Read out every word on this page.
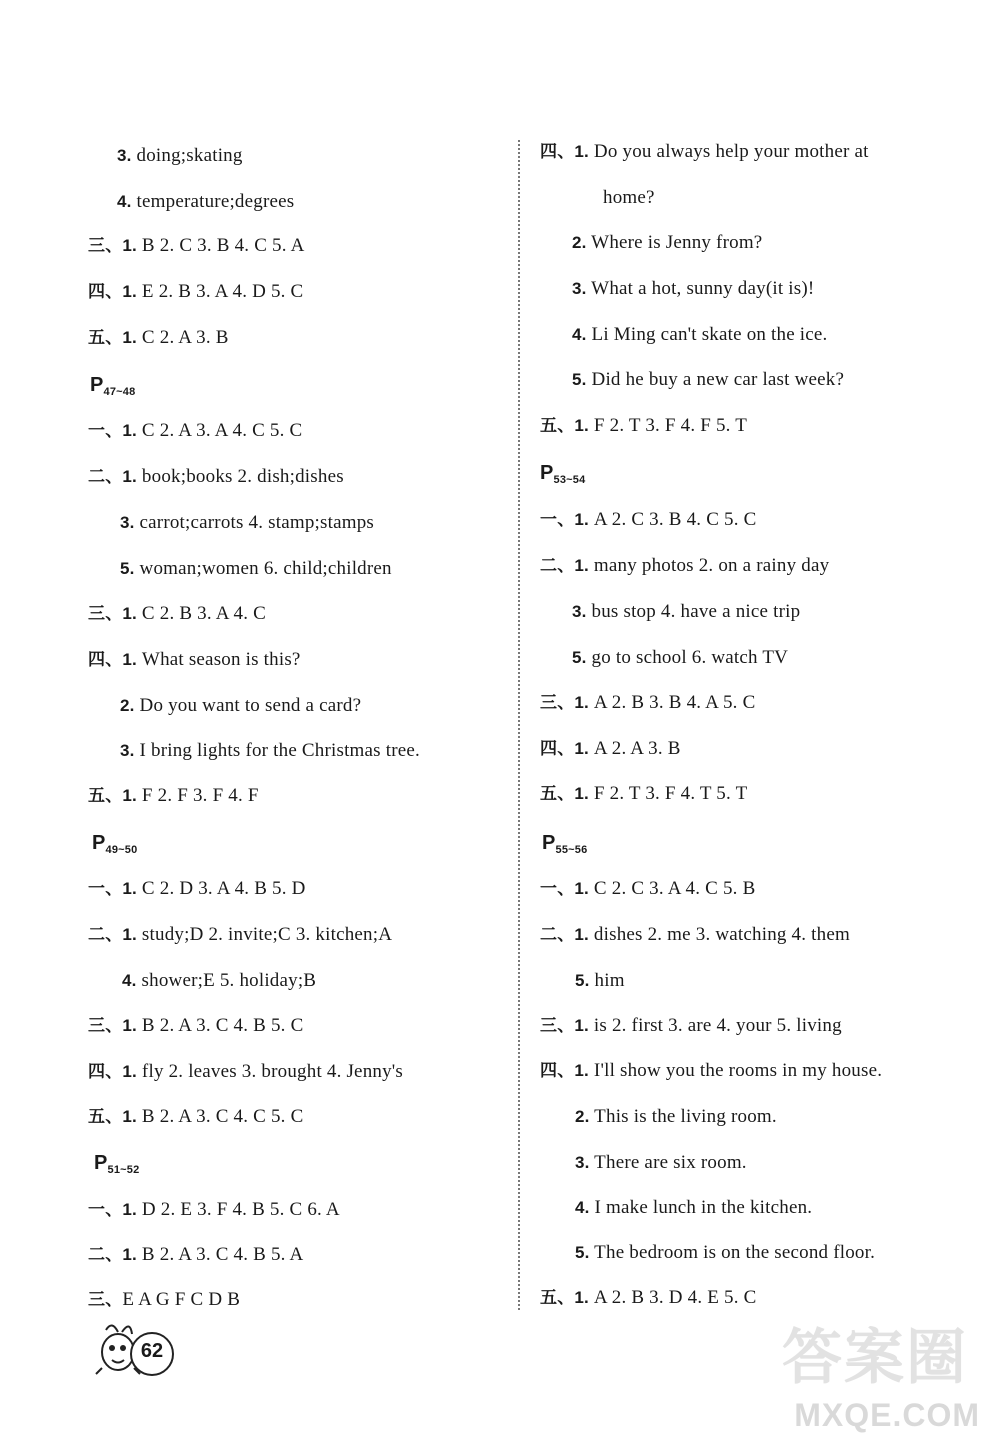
3. doing;skating
4. temperature;degrees
三、1. B 2. C 3. B 4. C 5. A
四、1. E 2. B 3. A 4. D 5. C
五、1. C 2. A 3. B
$P_{47\sim 48}$
一、1. C 2. A 3. A 4. C 5. C
二、1. book;books 2. dish;dishes
3. carrot;carrots 4. stamp;stamps
5. woman;women 6. child;children
三、1. C 2. B 3. A 4. C
四、1. What season is this?
2. Do you want to send a card?
3. I bring lights for the Christmas tree.
五、1. F 2. F 3. F 4. F
$P_{49\sim 50}$
一、1. C 2. D 3. A 4. B 5. D
二、1. study;D 2. invite;C 3. kitchen;A
4. shower;E 5. holiday;B
三、1. B 2. A 3. C 4. B 5. C
四、1. fly 2. leaves 3. brought 4. Jenny's
五、1. B 2. A 3. C 4. C 5. C
$P_{51\sim 52}$
一、1. D 2. E 3. F 4. B 5. C 6. A
二、1. B 2. A 3. C 4. B 5. A
三、E A G F C D B
四、1. Do you always help your mother at
home?
2. Where is Jenny from?
3. What a hot, sunny day(it is)!
4. Li Ming can't skate on the ice.
5. Did he buy a new car last week?
五、1. F 2. T 3. F 4. F 5. T
$P_{53\sim 54}$
一、1. A 2. C 3. B 4. C 5. C
二、1. many photos 2. on a rainy day
3. bus stop 4. have a nice trip
5. go to school 6. watch TV
三、1. A 2. B 3. B 4. A 5. C
四、1. A 2. A 3. B
五、1. F 2. T 3. F 4. T 5. T
$P_{55\sim 56}$
一、1. C 2. C 3. A 4. C 5. B
二、1. dishes 2. me 3. watching 4. them
5. him
三、1. is 2. first 3. are 4. your 5. living
四、1. I'll show you the rooms in my house.
2. This is the living room.
3. There are six room.
4. I make lunch in the kitchen.
5. The bedroom is on the second floor.
五、1. A 2. B 3. D 4. E 5. C
62	答案圈
MXQE.COM
